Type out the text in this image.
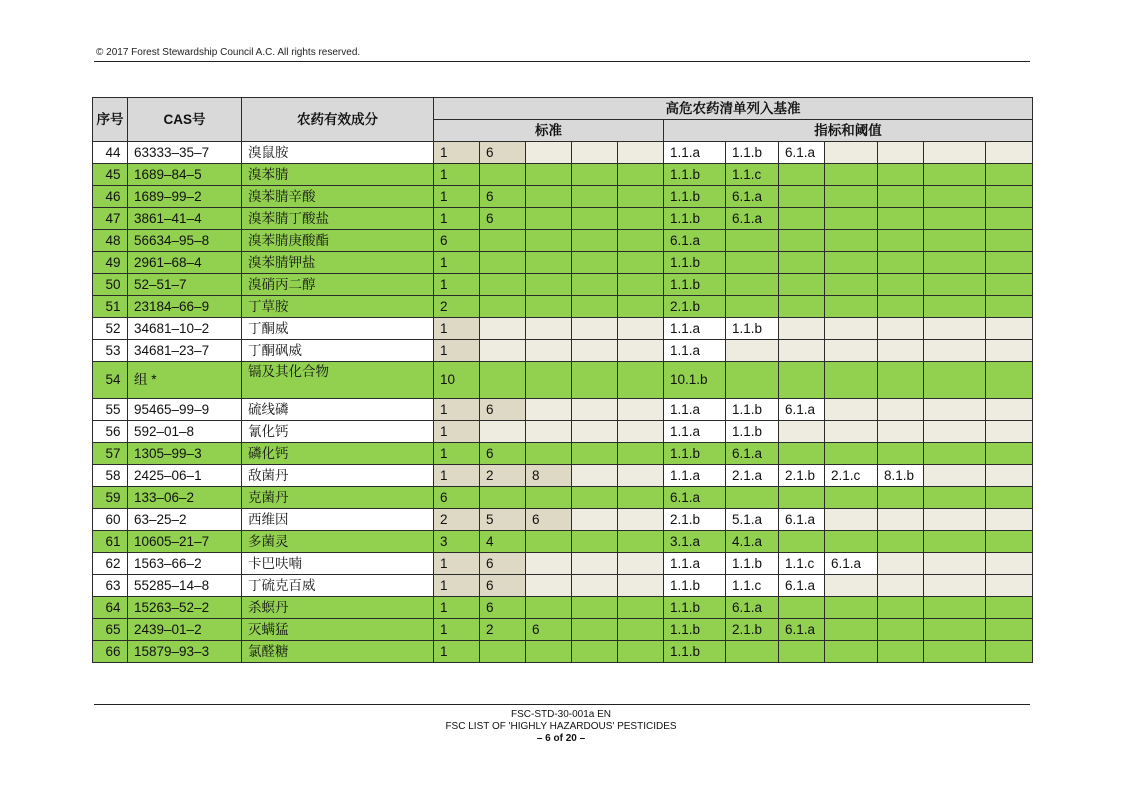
© 2017 Forest Stewardship Council A.C. All rights reserved.
序号	CAS号	农药有效成分	高危农药清单列入基准											
			标准					指标和阈值						
44	63333–35–7	溴鼠胺	1	6				1.1.a	1.1.b	6.1.a				
45	1689–84–5	溴苯腈	1					1.1.b	1.1.c					
46	1689–99–2	溴苯腈辛酸	1	6				1.1.b	6.1.a					
47	3861–41–4	溴苯腈丁酸盐	1	6				1.1.b	6.1.a					
48	56634–95–8	溴苯腈庚酸酯	6					6.1.a						
49	2961–68–4	溴苯腈钾盐	1					1.1.b						
50	52–51–7	溴硝丙二醇	1					1.1.b						
51	23184–66–9	丁草胺	2					2.1.b						
52	34681–10–2	丁酮威	1					1.1.a	1.1.b					
53	34681–23–7	丁酮砜威	1					1.1.a						
54	组 *	镉及其化合物	10					10.1.b						
55	95465–99–9	硫线磷	1	6				1.1.a	1.1.b	6.1.a				
56	592–01–8	氰化钙	1					1.1.a	1.1.b					
57	1305–99–3	磷化钙	1	6				1.1.b	6.1.a					
58	2425–06–1	敌菌丹	1	2	8			1.1.a	2.1.a	2.1.b	2.1.c	8.1.b		
59	133–06–2	克菌丹	6					6.1.a						
60	63–25–2	西维因	2	5	6			2.1.b	5.1.a	6.1.a				
61	10605–21–7	多菌灵	3	4				3.1.a	4.1.a					
62	1563–66–2	卡巴呋喃	1	6				1.1.a	1.1.b	1.1.c	6.1.a			
63	55285–14–8	丁硫克百威	1	6				1.1.b	1.1.c	6.1.a				
64	15263–52–2	杀螟丹	1	6				1.1.b	6.1.a					
65	2439–01–2	灭螨猛	1	2	6			1.1.b	2.1.b	6.1.a				
66	15879–93–3	氯醛糖	1					1.1.b						
FSC-STD-30-001a EN
FSC LIST OF 'HIGHLY HAZARDOUS' PESTICIDES
– 6 of 20 –
